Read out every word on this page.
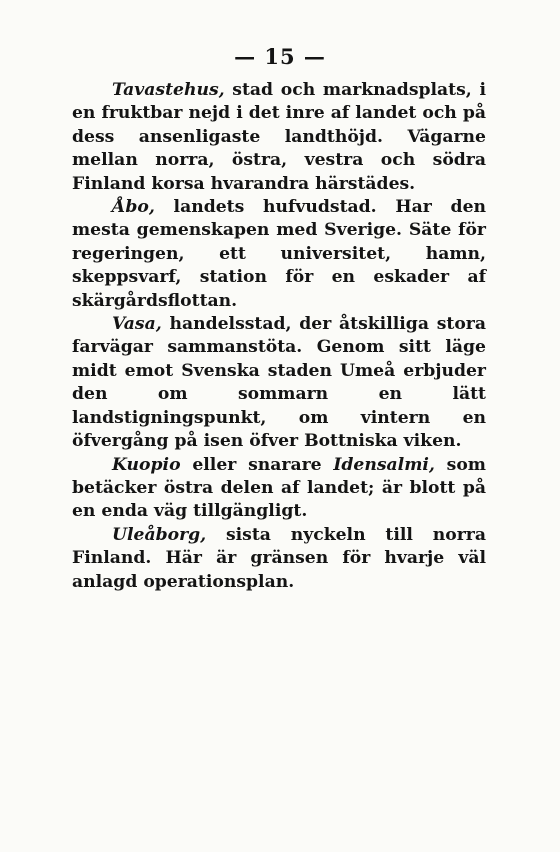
— 15 —

Tavastehus, stad och marknadsplats, i en fruktbar nejd i det inre af landet och på dess ansenligaste landthöjd. Vägarne mellan norra, östra, vestra och södra Finland korsa hvarandra härstädes.

Åbo, landets hufvudstad. Har den mesta gemenskapen med Sverige. Säte för regeringen, ett universitet, hamn, skeppsvarf, station för en eskader af skärgårdsflottan.

Vasa, handelsstad, der åtskilliga stora farvägar sammanstöta. Genom sitt läge midt emot Svenska staden Umeå erbjuder den om sommarn en lätt landstigningspunkt, om vintern en öfvergång på isen öfver Bottniska viken.

Kuopio eller snarare Idensalmi, som betäcker östra delen af landet; är blott på en enda väg tillgängligt.

Uleåborg, sista nyckeln till norra Finland. Här är gränsen för hvarje väl anlagd operationsplan.
